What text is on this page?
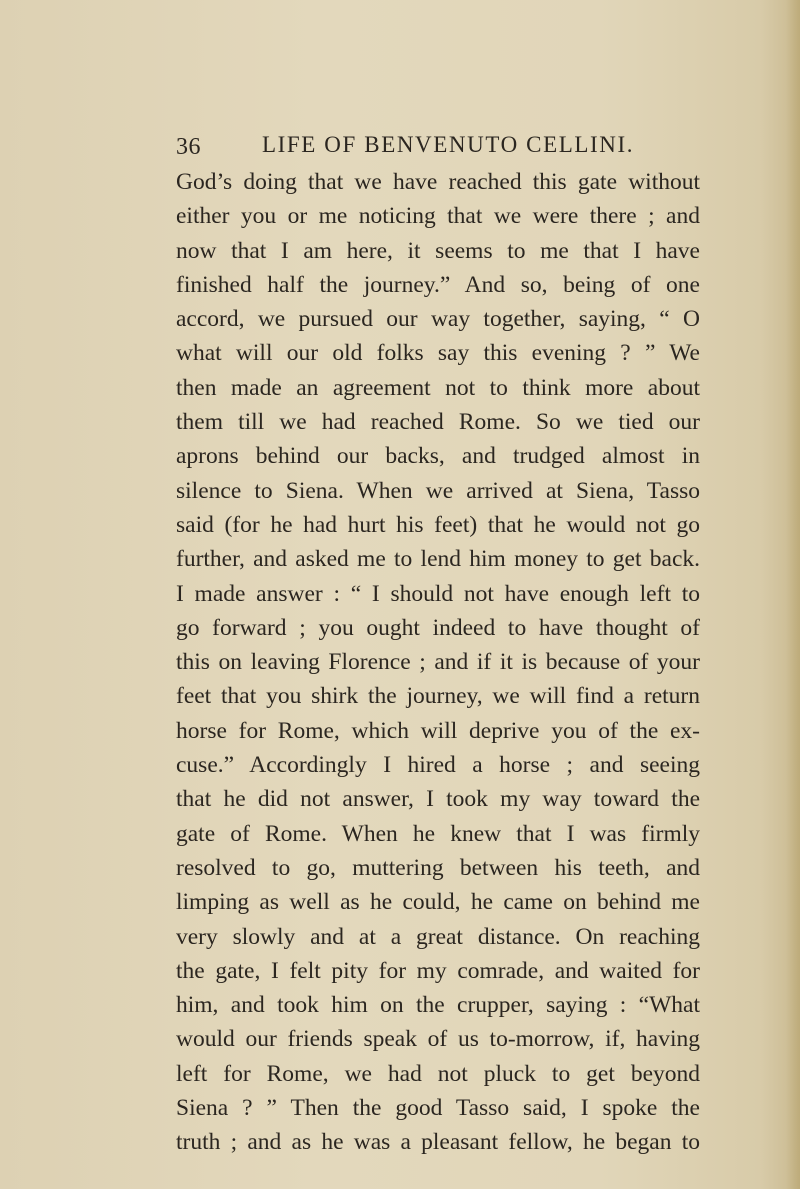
36	LIFE OF BENVENUTO CELLINI.
God’s doing that we have reached this gate without
either you or me noticing that we were there ; and
now that I am here, it seems to me that I have
finished half the journey.” And so, being of one
accord, we pursued our way together, saying, “ O
what will our old folks say this evening ? ” We
then made an agreement not to think more about
them till we had reached Rome. So we tied our
aprons behind our backs, and trudged almost in
silence to Siena. When we arrived at Siena, Tasso
said (for he had hurt his feet) that he would not go
further, and asked me to lend him money to get back.
I made answer : “ I should not have enough left to
go forward ; you ought indeed to have thought of
this on leaving Florence ; and if it is because of your
feet that you shirk the journey, we will find a return
horse for Rome, which will deprive you of the ex-
cuse.” Accordingly I hired a horse ; and seeing
that he did not answer, I took my way toward the
gate of Rome. When he knew that I was firmly
resolved to go, muttering between his teeth, and
limping as well as he could, he came on behind me
very slowly and at a great distance. On reaching
the gate, I felt pity for my comrade, and waited for
him, and took him on the crupper, saying : “What
would our friends speak of us to-morrow, if, having
left for Rome, we had not pluck to get beyond
Siena ? ” Then the good Tasso said, I spoke the
truth ; and as he was a pleasant fellow, he began to
